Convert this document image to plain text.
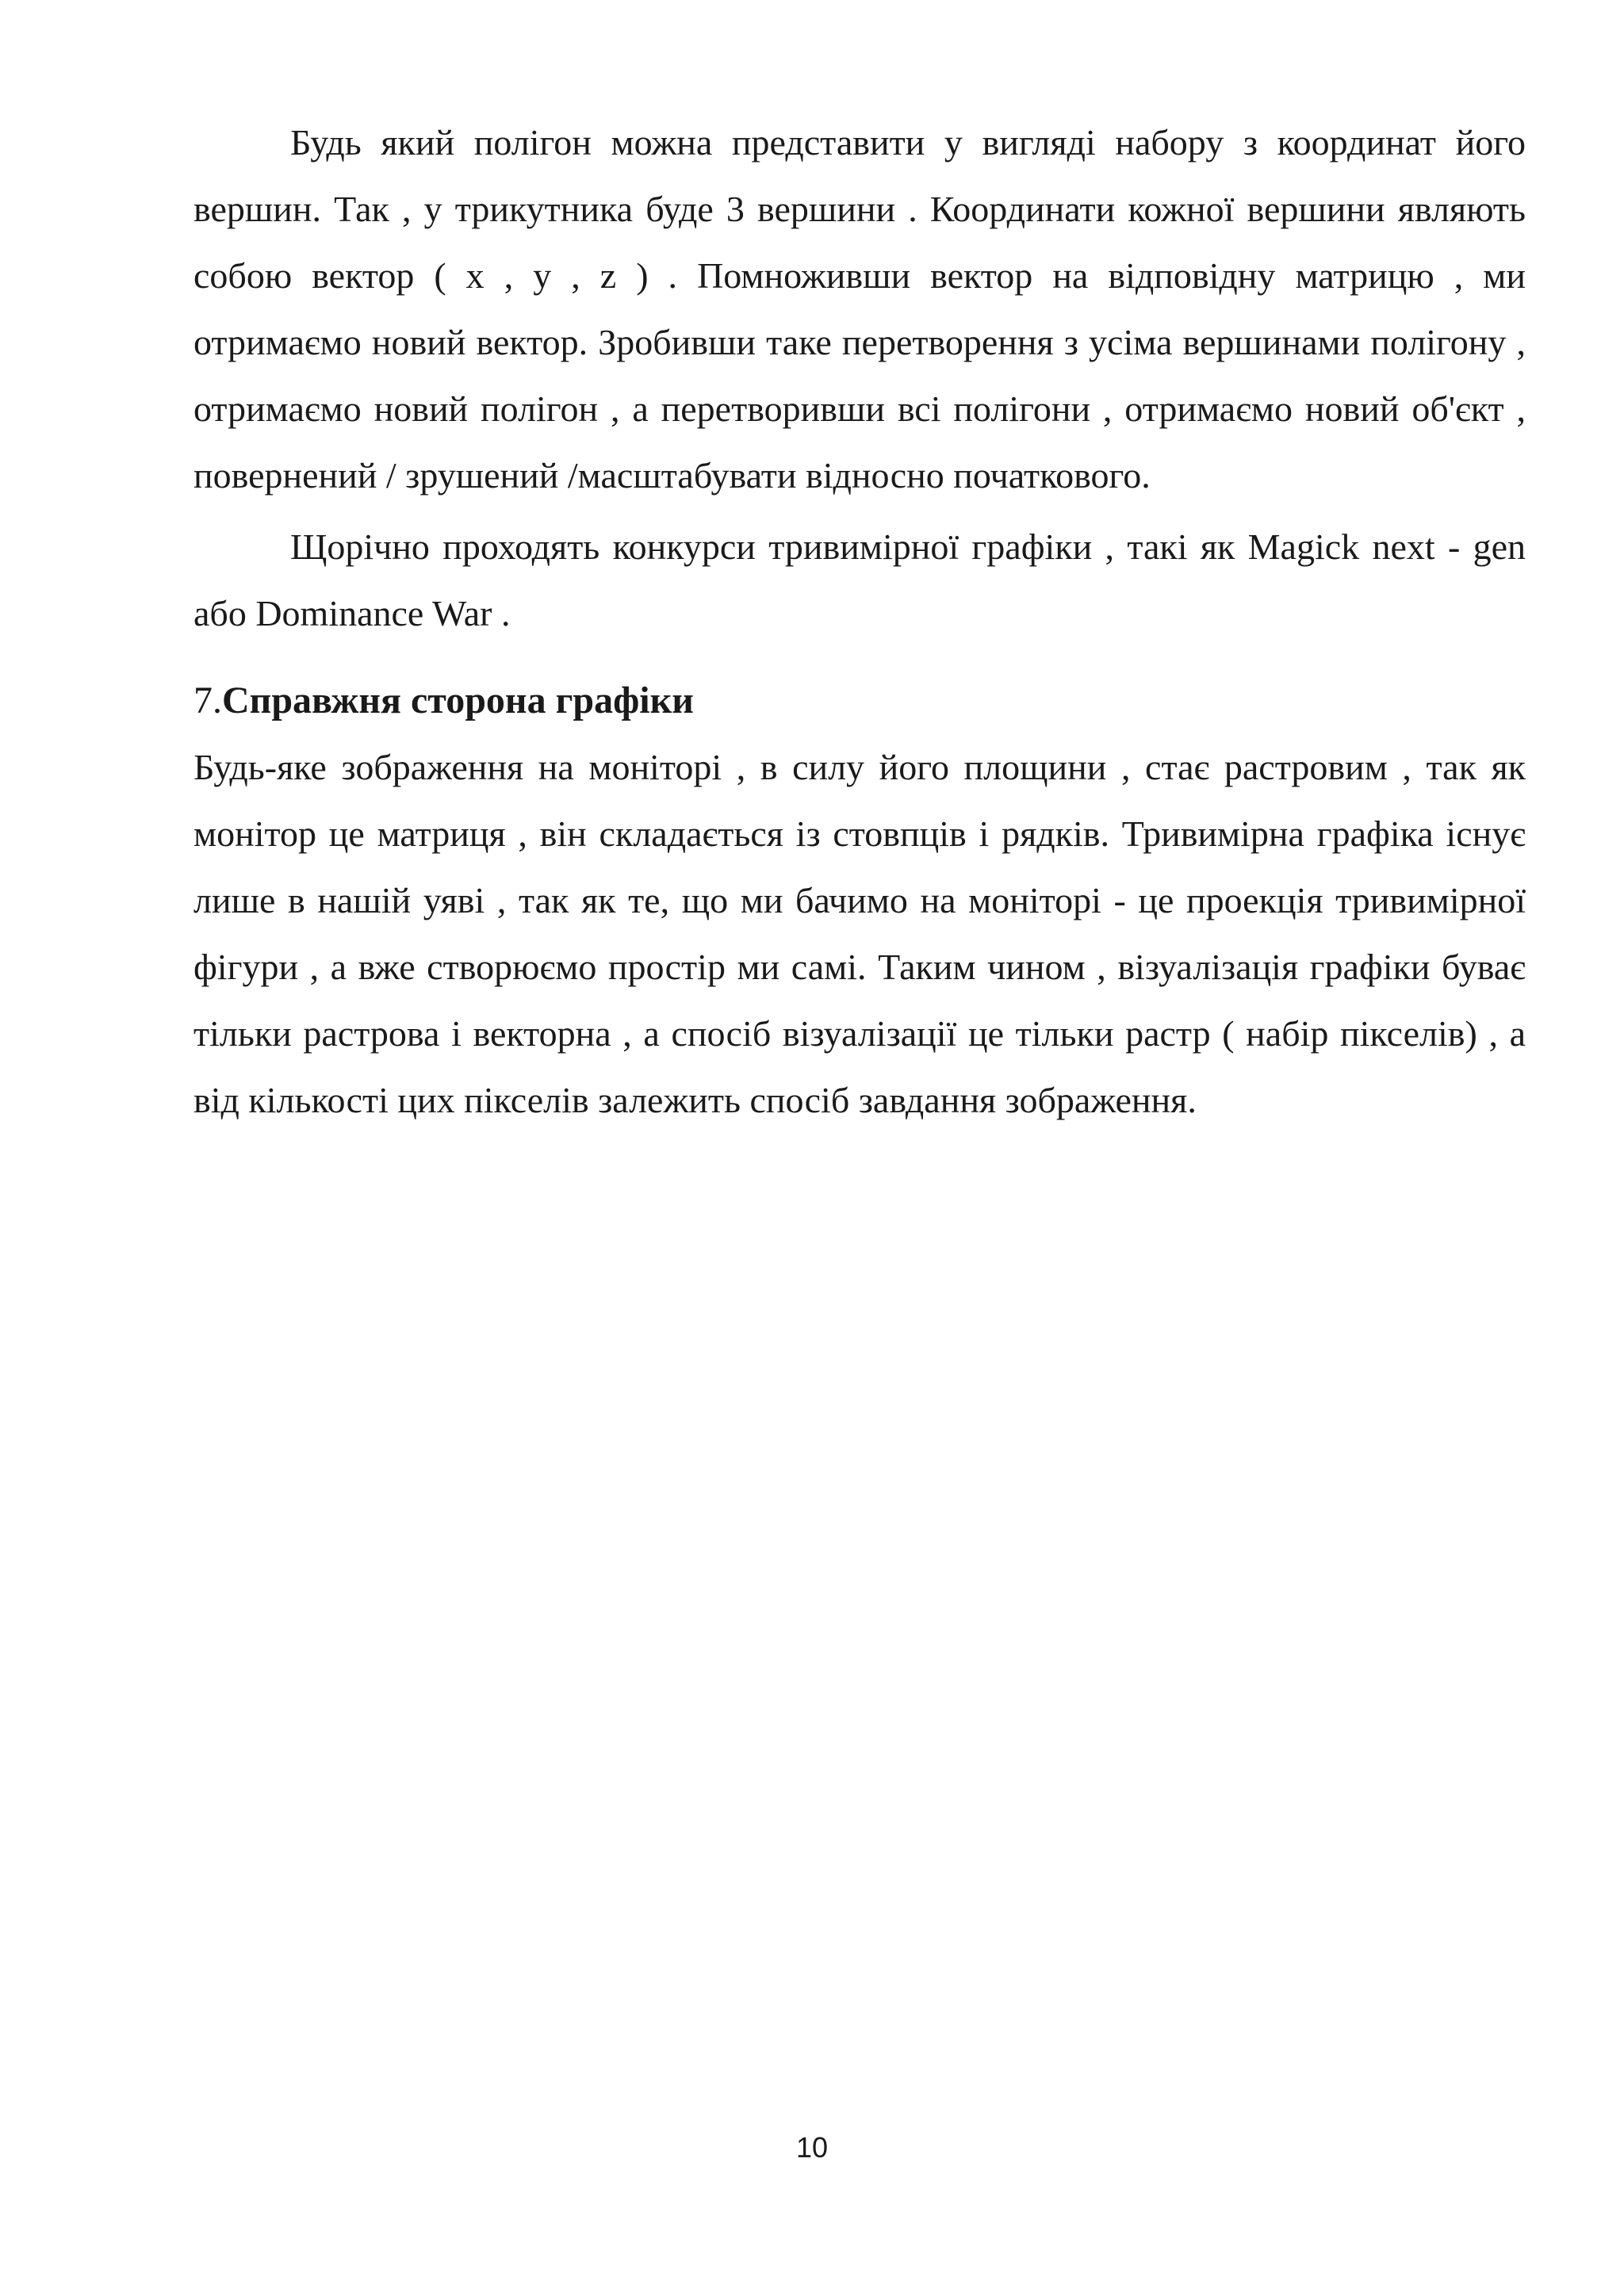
Будь який полігон можна представити у вигляді набору з координат його вершин. Так , у трикутника буде 3 вершини . Координати кожної вершини являють собою вектор ( x , y , z ) . Помноживши вектор на відповідну матрицю , ми отримаємо новий вектор. Зробивши таке перетворення з усіма вершинами полігону , отримаємо новий полігон , а перетворивши всі полігони , отримаємо новий об'єкт , повернений / зрушений /масштабувати відносно початкового.

Щорічно проходять конкурси тривимірної графіки , такі як Magick next - gen або Dominance War .

7.Справжня сторона графіки

Будь-яке зображення на моніторі , в силу його площини , стає растровим , так як монітор це матриця , він складається із стовпців і рядків. Тривимірна графіка існує лише в нашій уяві , так як те, що ми бачимо на моніторі - це проекція тривимірної фігури , а вже створюємо простір ми самі. Таким чином , візуалізація графіки буває тільки растрова і векторна , а спосіб візуалізації це тільки растр ( набір пікселів) , а від кількості цих пікселів залежить спосіб завдання зображення.

10
